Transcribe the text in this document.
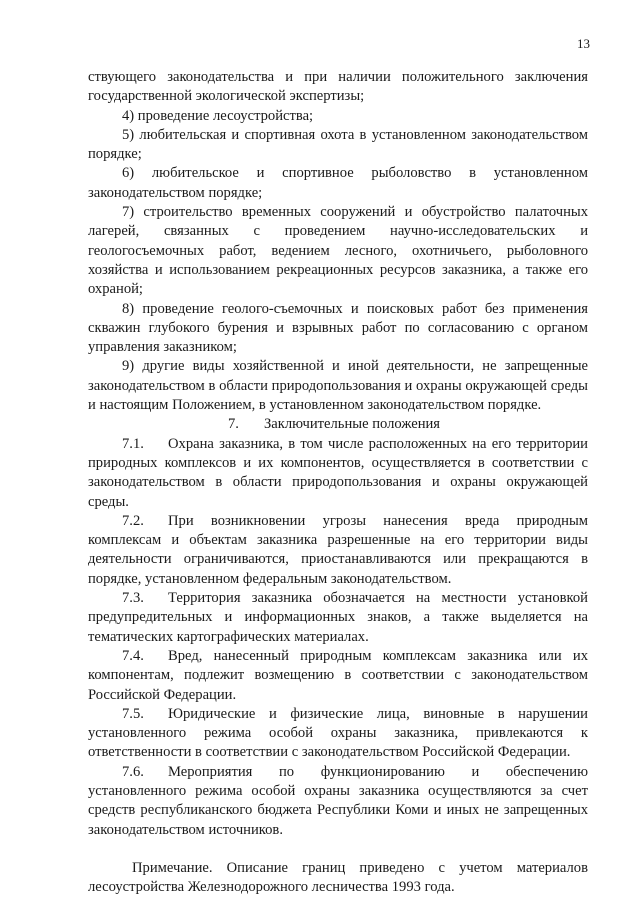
13

ствующего законодательства и при наличии положительного заключения государственной экологической экспертизы;

4) проведение лесоустройства;

5) любительская и спортивная охота в установленном законодательством порядке;

6) любительское и спортивное рыболовство в установленном законодательством порядке;

7) строительство временных сооружений и обустройство палаточных лагерей, связанных с проведением научно-исследовательских и геологосъемочных работ, ведением лесного, охотничьего, рыболовного хозяйства и использованием рекреационных ресурсов заказника, а также его охраной;

8) проведение геолого-съемочных и поисковых работ без применения скважин глубокого бурения и взрывных работ по согласованию с органом управления заказником;

9) другие виды хозяйственной и иной деятельности, не запрещенные законодательством в области природопользования и охраны окружающей среды и настоящим Положением, в установленном законодательством порядке.

7. Заключительные положения

7.1. Охрана заказника, в том числе расположенных на его территории природных комплексов и их компонентов, осуществляется в соответствии с законодательством в области природопользования и охраны окружающей среды.

7.2. При возникновении угрозы нанесения вреда природным комплексам и объектам заказника разрешенные на его территории виды деятельности ограничиваются, приостанавливаются или прекращаются в порядке, установленном федеральным законодательством.

7.3. Территория заказника обозначается на местности установкой предупредительных и информационных знаков, а также выделяется на тематических картографических материалах.

7.4. Вред, нанесенный природным комплексам заказника или их компонентам, подлежит возмещению в соответствии с законодательством Российской Федерации.

7.5. Юридические и физические лица, виновные в нарушении установленного режима особой охраны заказника, привлекаются к ответственности в соответствии с законодательством Российской Федерации.

7.6. Мероприятия по функционированию и обеспечению установленного режима особой охраны заказника осуществляются за счет средств республиканского бюджета Республики Коми и иных не запрещенных законодательством источников.

Примечание. Описание границ приведено с учетом материалов лесоустройства Железнодорожного лесничества 1993 года.
